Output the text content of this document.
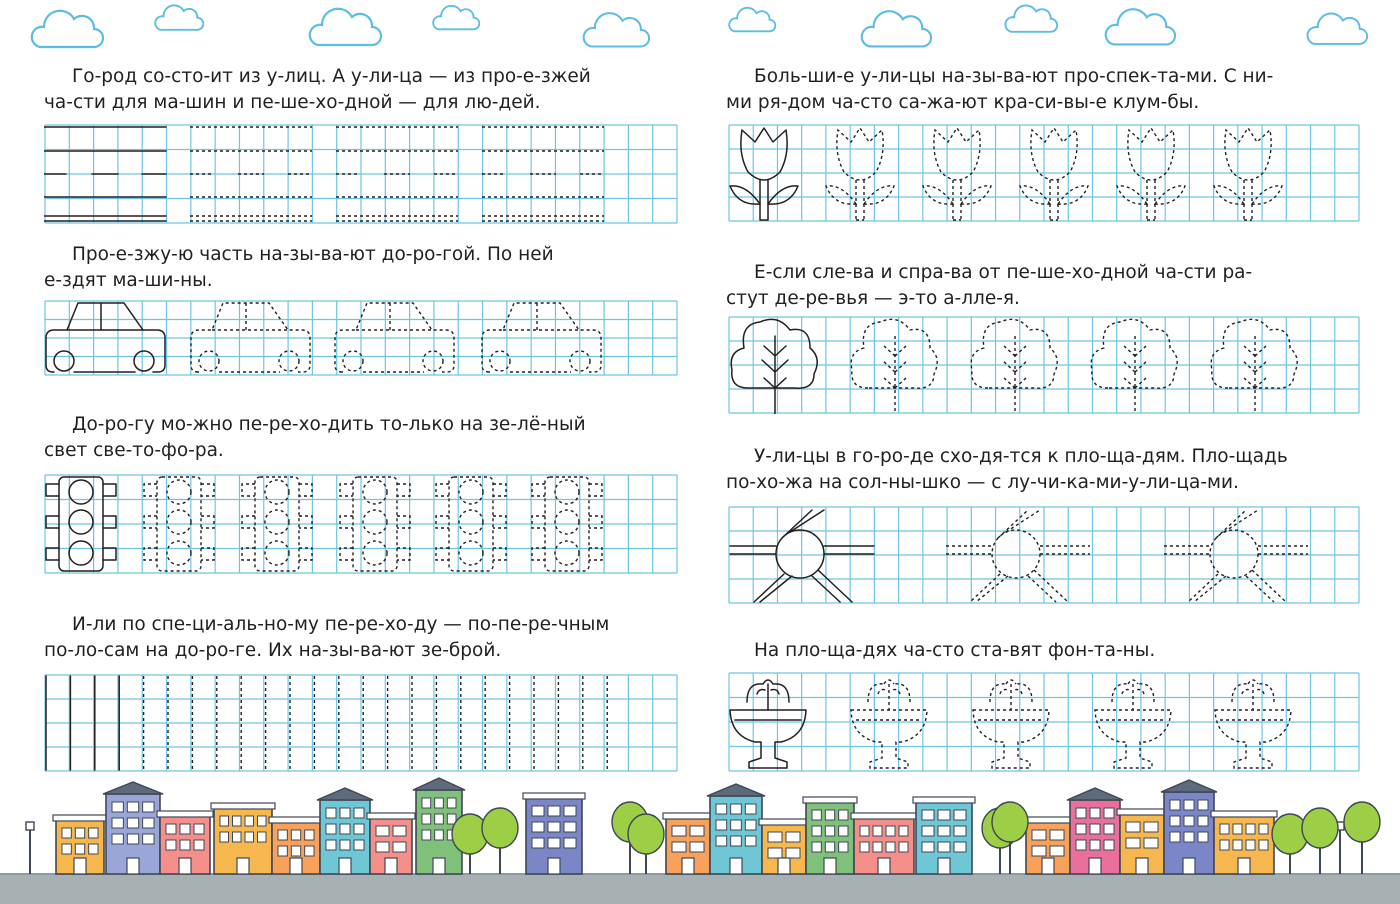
Го-род со-сто-ит из у-лиц. А у-ли-ца — из про-е-зжей
ча-сти для ма-шин и пе-ше-хо-дной — для лю-дей.

Про-е-зжу-ю часть на-зы-ва-ют до-ро-гой. По ней
е-здят ма-ши-ны.

До-ро-гу мо-жно пе-ре-хо-дить то-лько на зе-лё-ный
свет све-то-фо-ра.

И-ли по спе-ци-аль-но-му пе-ре-хо-ду — по-пе-ре-чным
по-ло-сам на до-ро-ге. Их на-зы-ва-ют зе-брой.

Боль-ши-е у-ли-цы на-зы-ва-ют про-спек-та-ми. С ни-
ми ря-дом ча-сто са-жа-ют кра-си-вы-е клум-бы.

Е-сли сле-ва и спра-ва от пе-ше-хо-дной ча-сти ра-
стут де-ре-вья — э-то а-лле-я.

У-ли-цы в го-ро-де схо-дя-тся к пло-ща-дям. Пло-щадь
по-хо-жа на сол-ны-шко — с лу-чи-ка-ми-у-ли-ца-ми.

На пло-ща-дях ча-сто ста-вят фон-та-ны.
